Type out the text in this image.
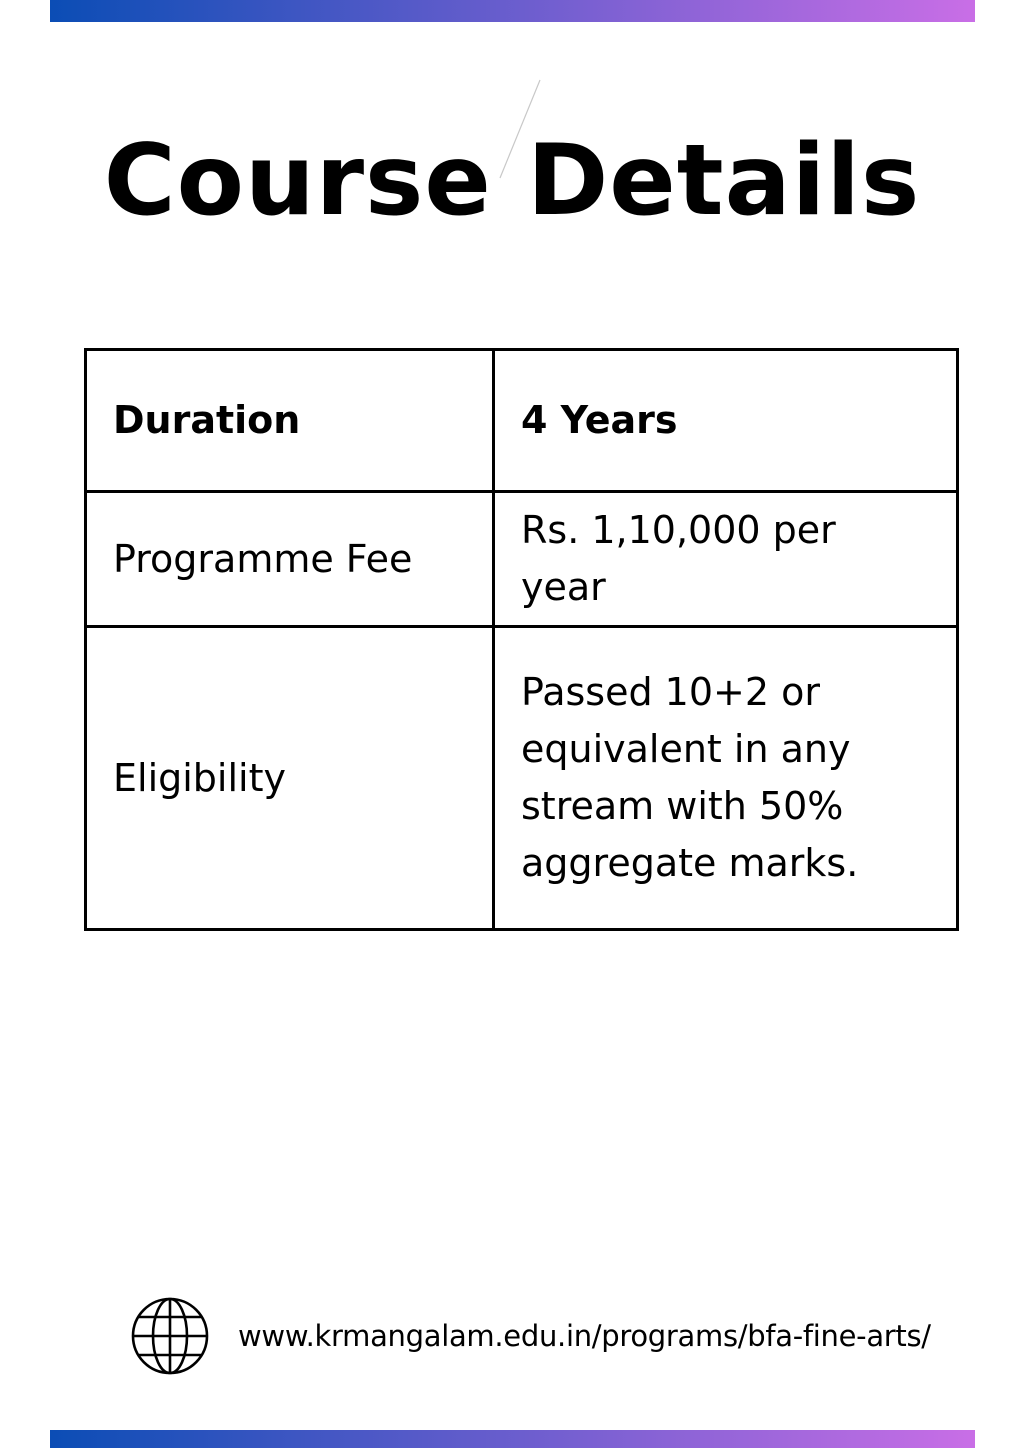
Course Details
Duration	4 Years
Programme Fee	Rs. 1,10,000 per year
Eligibility	Passed 10+2 or equivalent in any stream with 50% aggregate marks.
www.krmangalam.edu.in/programs/bfa-fine-arts/
